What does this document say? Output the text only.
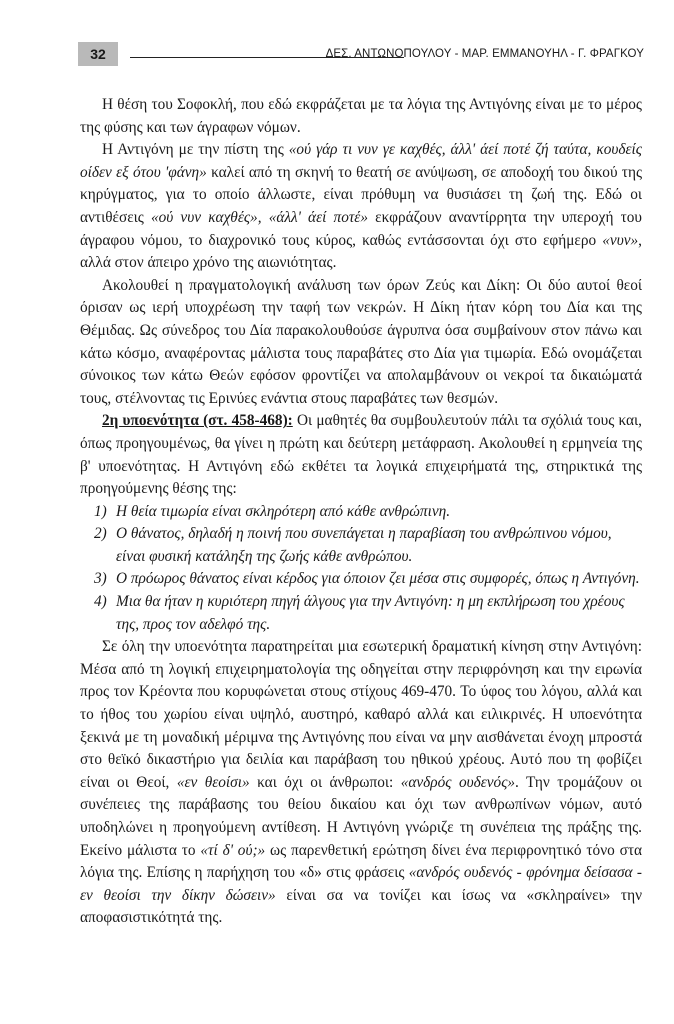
32	ΔΕΣ. ΑΝΤΩΝΟΠΟΥΛΟΥ - ΜΑΡ. ΕΜΜΑΝΟΥΗΛ - Γ. ΦΡΑΓΚΟΥ

Η θέση του Σοφοκλή, που εδώ εκφράζεται με τα λόγια της Αντιγόνης είναι με το μέρος της φύσης και των άγραφων νόμων.

Η Αντιγόνη με την πίστη της «ού γάρ τι νυν γε καχθές, άλλ' άεί ποτέ ζή ταύτα, κουδείς οίδεν εξ ότου 'φάνη» καλεί από τη σκηνή το θεατή σε ανύψωση, σε αποδοχή του δικού της κηρύγματος, για το οποίο άλλωστε, είναι πρόθυμη να θυσιάσει τη ζωή της. Εδώ οι αντιθέσεις «ού νυν καχθές», «άλλ' άεί ποτέ» εκφράζουν αναντίρρητα την υπεροχή του άγραφου νόμου, το διαχρονικό τους κύρος, καθώς εντάσσονται όχι στο εφήμερο «νυν», αλλά στον άπειρο χρόνο της αιωνιότητας.

Ακολουθεί η πραγματολογική ανάλυση των όρων Ζεύς και Δίκη: Οι δύο αυτοί θεοί όρισαν ως ιερή υποχρέωση την ταφή των νεκρών. Η Δίκη ήταν κόρη του Δία και της Θέμιδας. Ως σύνεδρος του Δία παρακολουθούσε άγρυπνα όσα συμβαίνουν στον πάνω και κάτω κόσμο, αναφέροντας μάλιστα τους παραβάτες στο Δία για τιμωρία. Εδώ ονομάζεται σύνοικος των κάτω Θεών εφόσον φροντίζει να απολαμβάνουν οι νεκροί τα δικαιώματά τους, στέλνοντας τις Ερινύες ενάντια στους παραβάτες των θεσμών.

2η υποενότητα (στ. 458-468): Οι μαθητές θα συμβουλευτούν πάλι τα σχόλιά τους και, όπως προηγουμένως, θα γίνει η πρώτη και δεύτερη μετάφραση. Ακολουθεί η ερμηνεία της β' υποενότητας. Η Αντιγόνη εδώ εκθέτει τα λογικά επιχειρήματά της, στηρικτικά της προηγούμενης θέσης της:

1) Η θεία τιμωρία είναι σκληρότερη από κάθε ανθρώπινη.
2) Ο θάνατος, δηλαδή η ποινή που συνεπάγεται η παραβίαση του ανθρώπινου νόμου, είναι φυσική κατάληξη της ζωής κάθε ανθρώπου.
3) Ο πρόωρος θάνατος είναι κέρδος για όποιον ζει μέσα στις συμφορές, όπως η Αντιγόνη.
4) Μια θα ήταν η κυριότερη πηγή άλγους για την Αντιγόνη: η μη εκπλήρωση του χρέους της, προς τον αδελφό της.

Σε όλη την υποενότητα παρατηρείται μια εσωτερική δραματική κίνηση στην Αντιγόνη: Μέσα από τη λογική επιχειρηματολογία της οδηγείται στην περιφρόνηση και την ειρωνία προς τον Κρέοντα που κορυφώνεται στους στίχους 469-470. Το ύφος του λόγου, αλλά και το ήθος του χωρίου είναι υψηλό, αυστηρό, καθαρό αλλά και ειλικρινές. Η υποενότητα ξεκινά με τη μοναδική μέριμνα της Αντιγόνης που είναι να μην αισθάνεται ένοχη μπροστά στο θεϊκό δικαστήριο για δειλία και παράβαση του ηθικού χρέους. Αυτό που τη φοβίζει είναι οι Θεοί, «εν θεοίσι» και όχι οι άνθρωποι: «ανδρός ουδενός». Την τρομάζουν οι συνέπειες της παράβασης του θείου δικαίου και όχι των ανθρωπίνων νόμων, αυτό υποδηλώνει η προηγούμενη αντίθεση. Η Αντιγόνη γνώριζε τη συνέπεια της πράξης της. Εκείνο μάλιστα το «τί δ' ού;» ως παρενθετική ερώτηση δίνει ένα περιφρονητικό τόνο στα λόγια της. Επίσης η παρήχηση του «δ» στις φράσεις «ανδρός ουδενός - φρόνημα δείσασα - εν θεοίσι την δίκην δώσειν» είναι σα να τονίζει και ίσως να «σκληραίνει» την αποφασιστικότητά της.
